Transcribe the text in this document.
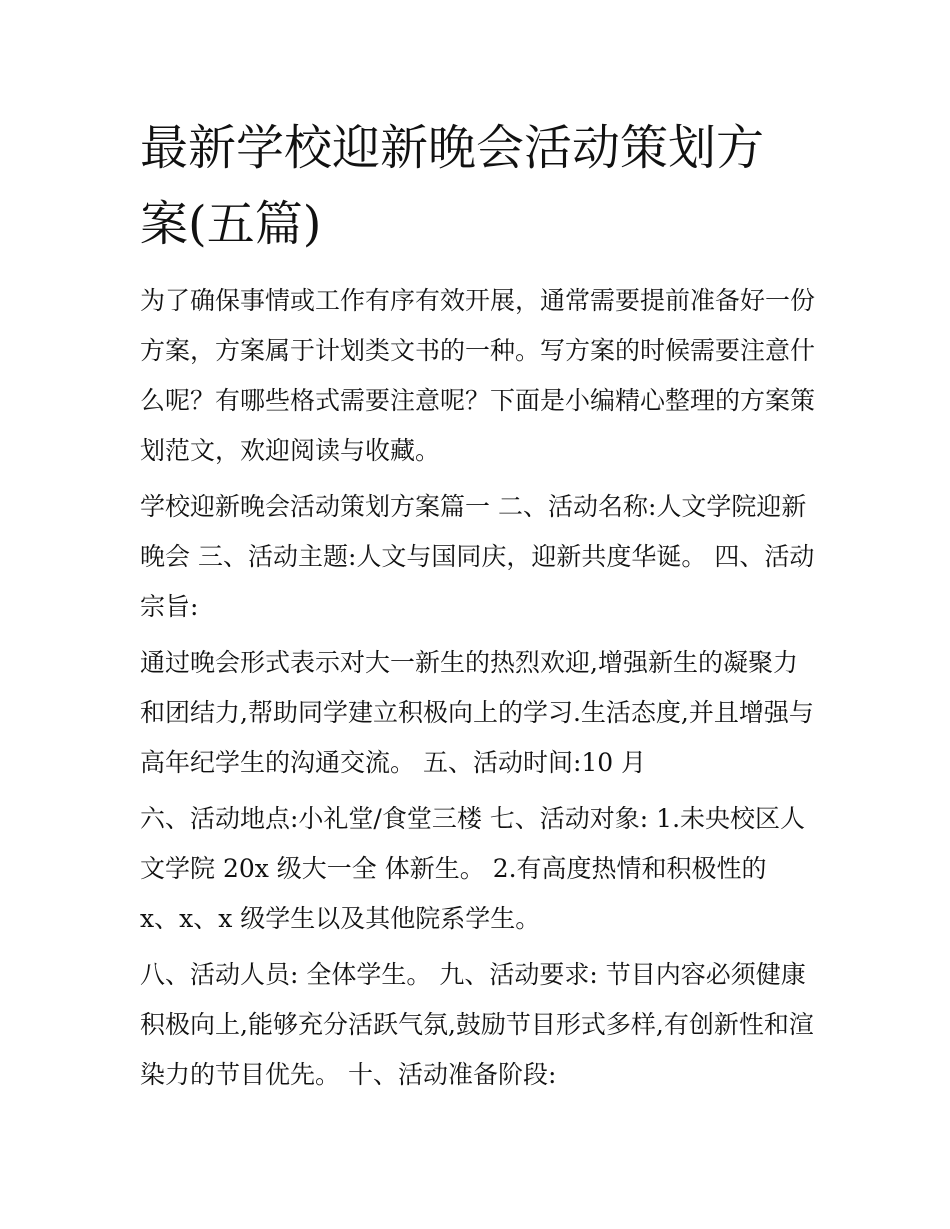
最新学校迎新晚会活动策划方
案(五篇)

为了确保事情或工作有序有效开展，通常需要提前准备好一份
方案，方案属于计划类文书的一种。写方案的时候需要注意什
么呢？有哪些格式需要注意呢？下面是小编精心整理的方案策
划范文，欢迎阅读与收藏。

学校迎新晚会活动策划方案篇一 二、活动名称:人文学院迎新
晚会 三、活动主题:人文与国同庆，迎新共度华诞。 四、活动
宗旨:

通过晚会形式表示对大一新生的热烈欢迎,增强新生的凝聚力
和团结力,帮助同学建立积极向上的学习.生活态度,并且增强与
高年纪学生的沟通交流。 五、活动时间:10 月

六、活动地点:小礼堂/食堂三楼 七、活动对象: 1.未央校区人
文学院 20x 级大一全 体新生。 2.有高度热情和积极性的
x、x、x 级学生以及其他院系学生。

八、活动人员: 全体学生。 九、活动要求: 节目内容必须健康
积极向上,能够充分活跃气氛,鼓励节目形式多样,有创新性和渲
染力的节目优先。 十、活动准备阶段:
